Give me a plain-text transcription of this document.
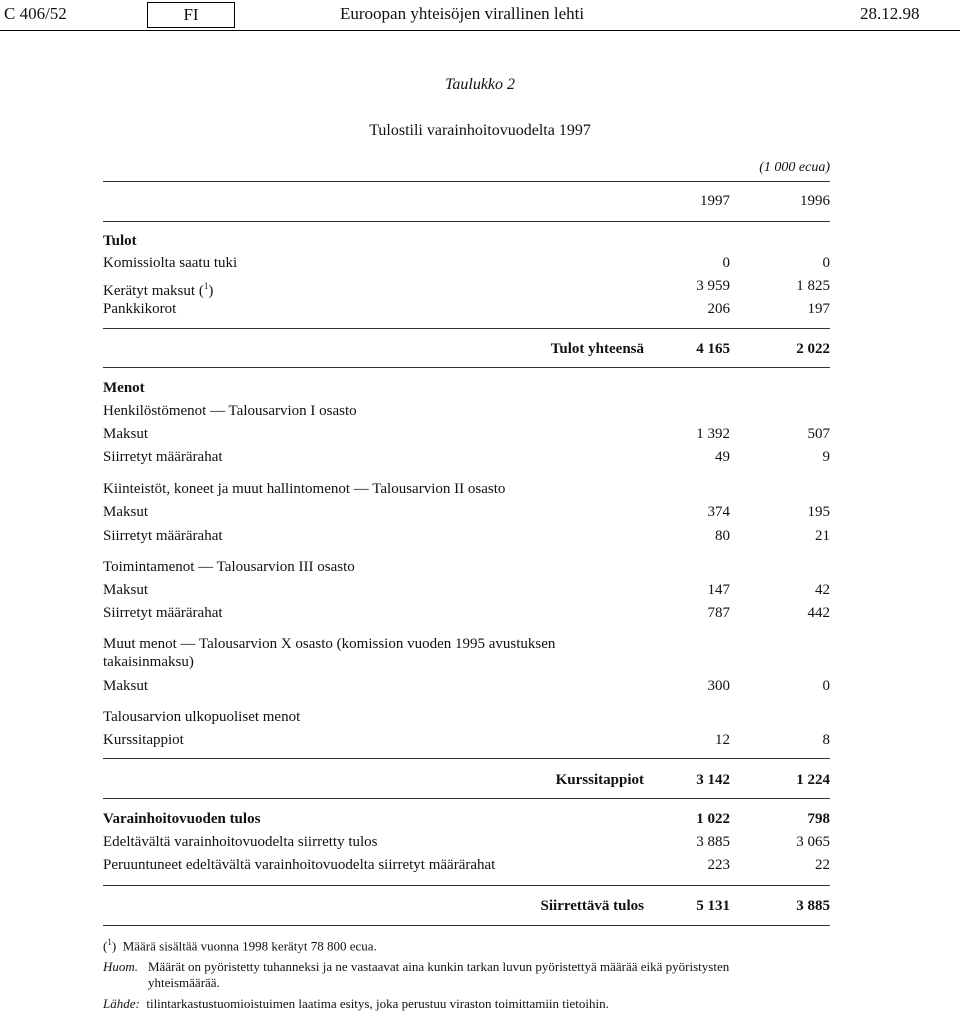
C 406/52	FI	Euroopan yhteisöjen virallinen lehti	28.12.98
Taulukko 2
Tulostili varainhoitovuodelta 1997
(1 000 ecua)
1997	1996
Tulot
Komissiolta saatu tuki	0	0
Kerätyt maksut ($^1$)	3 959	1 825
Pankkikorot	206	197
Tulot yhteensä	4 165	2 022
Menot
Henkilöstömenot — Talousarvion I osasto
Maksut	1 392	507
Siirretyt määrärahat	49	9
Kiinteistöt, koneet ja muut hallintomenot — Talousarvion II osasto
Maksut	374	195
Siirretyt määrärahat	80	21
Toimintamenot — Talousarvion III osasto
Maksut	147	42
Siirretyt määrärahat	787	442
Muut menot — Talousarvion X osasto (komission vuoden 1995 avustuksen
takaisinmaksu)
Maksut	300	0
Talousarvion ulkopuoliset menot
Kurssitappiot	12	8
Kurssitappiot	3 142	1 224
Varainhoitovuoden tulos	1 022	798
Edeltävältä varainhoitovuodelta siirretty tulos	3 885	3 065
Peruuntuneet edeltävältä varainhoitovuodelta siirretyt määrärahat	223	22
Siirrettävä tulos	5 131	3 885
($^1$)  Määrä sisältää vuonna 1998 kerätyt 78 800 ecua.
Huom. Määrät on pyöristetty tuhanneksi ja ne vastaavat aina kunkin tarkan luvun pyöristettyä määrää eikä pyöristysten
yhteismäärää.
Lähde: tilintarkastustuomioistuimen laatima esitys, joka perustuu viraston toimittamiin tietoihin.
